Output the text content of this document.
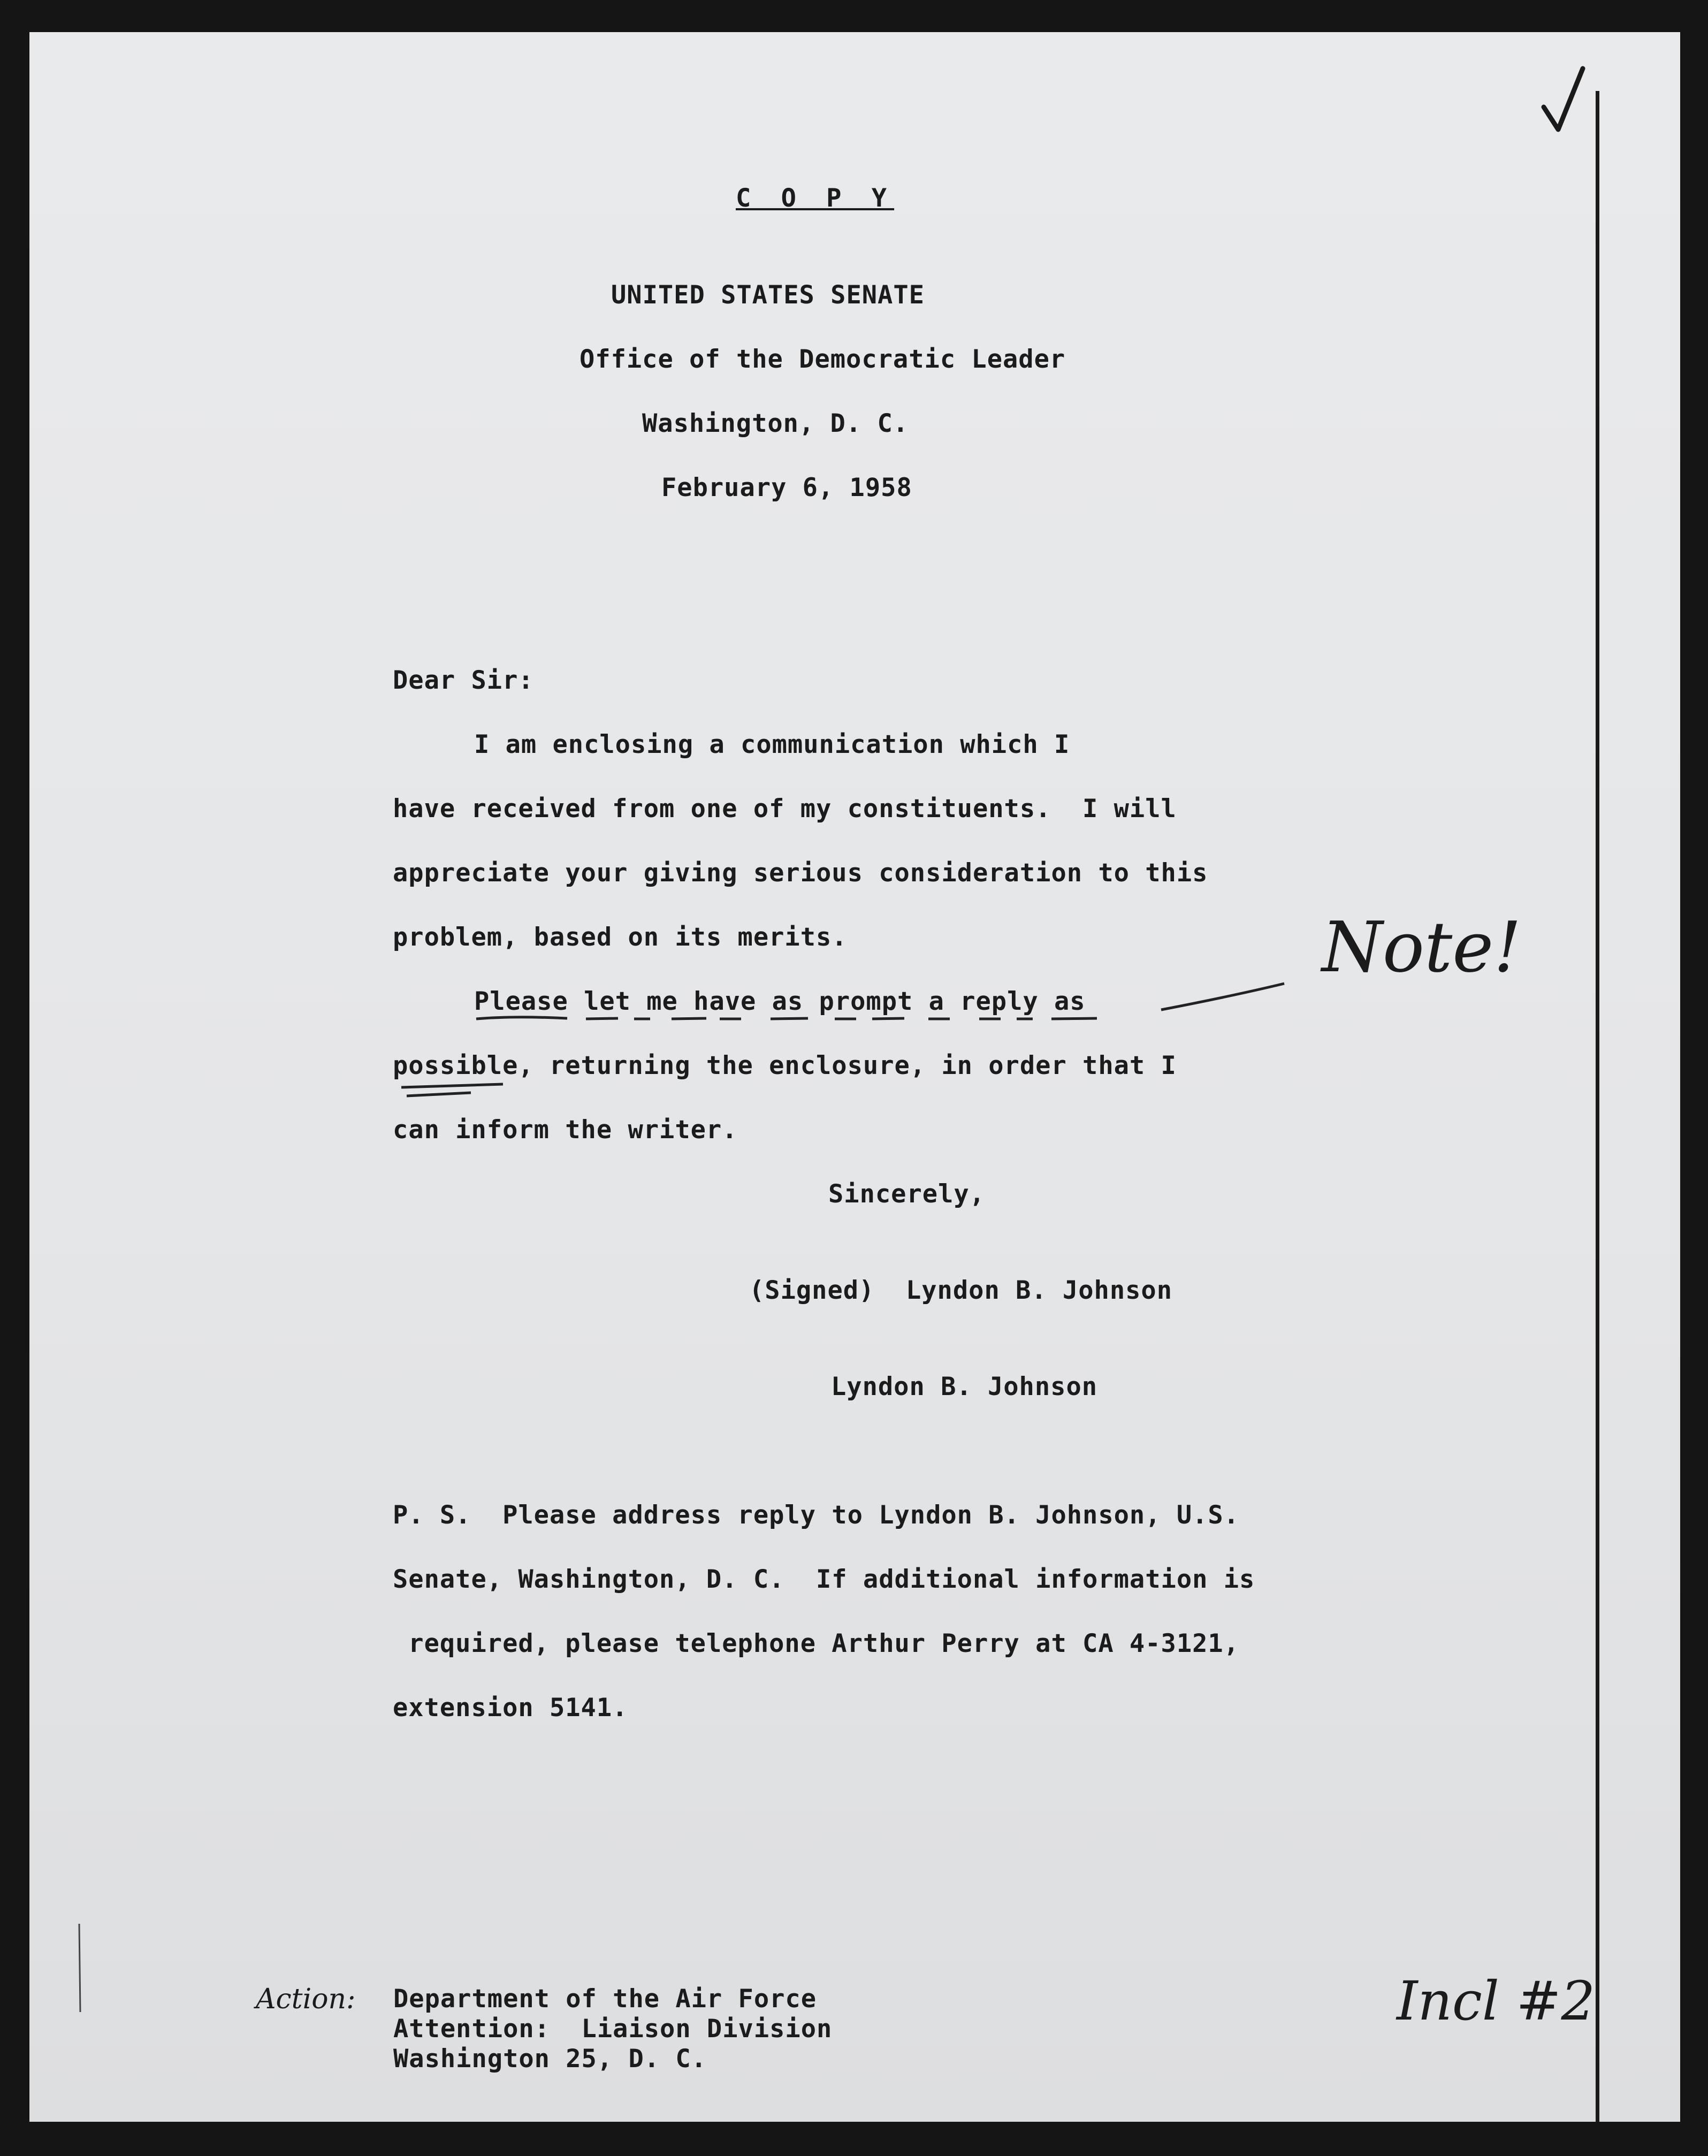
C O P Y
UNITED STATES SENATE
Office of the Democratic Leader
Washington, D. C.
February 6, 1958
Dear Sir:
I am enclosing a communication which I
have received from one of my constituents.  I will
appreciate your giving serious consideration to this
problem, based on its merits.
Please let me have as prompt a reply as
possible, returning the enclosure, in order that I
can inform the writer.
Sincerely,
(Signed)  Lyndon B. Johnson
Lyndon B. Johnson
P. S.  Please address reply to Lyndon B. Johnson, U.S.
Senate, Washington, D. C.  If additional information is
required, please telephone Arthur Perry at CA 4-3121,
extension 5141.
Action: Department of the Air Force
Attention:  Liaison Division
Washington 25, D. C.
Note!
Incl #2
